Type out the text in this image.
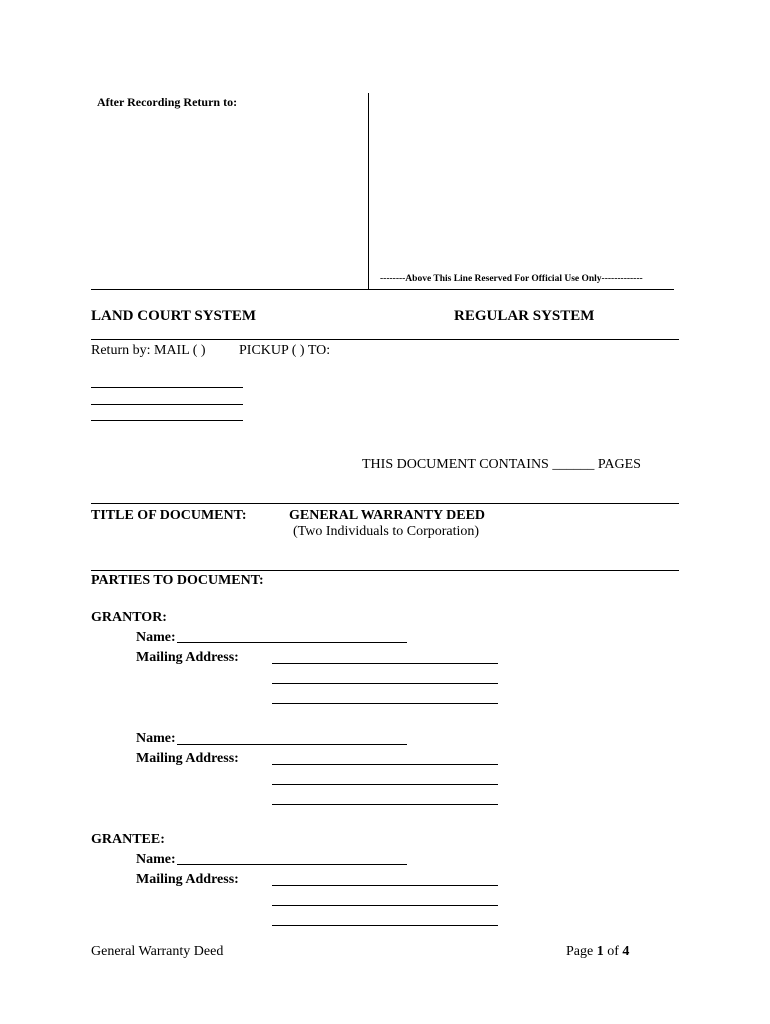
After Recording Return to:
--------Above This Line Reserved For Official Use Only-------------
LAND COURT SYSTEM	REGULAR SYSTEM
Return by: MAIL ( ) PICKUP ( ) TO:
THIS DOCUMENT CONTAINS ______ PAGES
TITLE OF DOCUMENT:	GENERAL WARRANTY DEED
(Two Individuals to Corporation)
PARTIES TO DOCUMENT:
GRANTOR:
Name:
Mailing Address:
Name:
Mailing Address:
GRANTEE:
Name:
Mailing Address:
General Warranty Deed	Page 1 of 4
